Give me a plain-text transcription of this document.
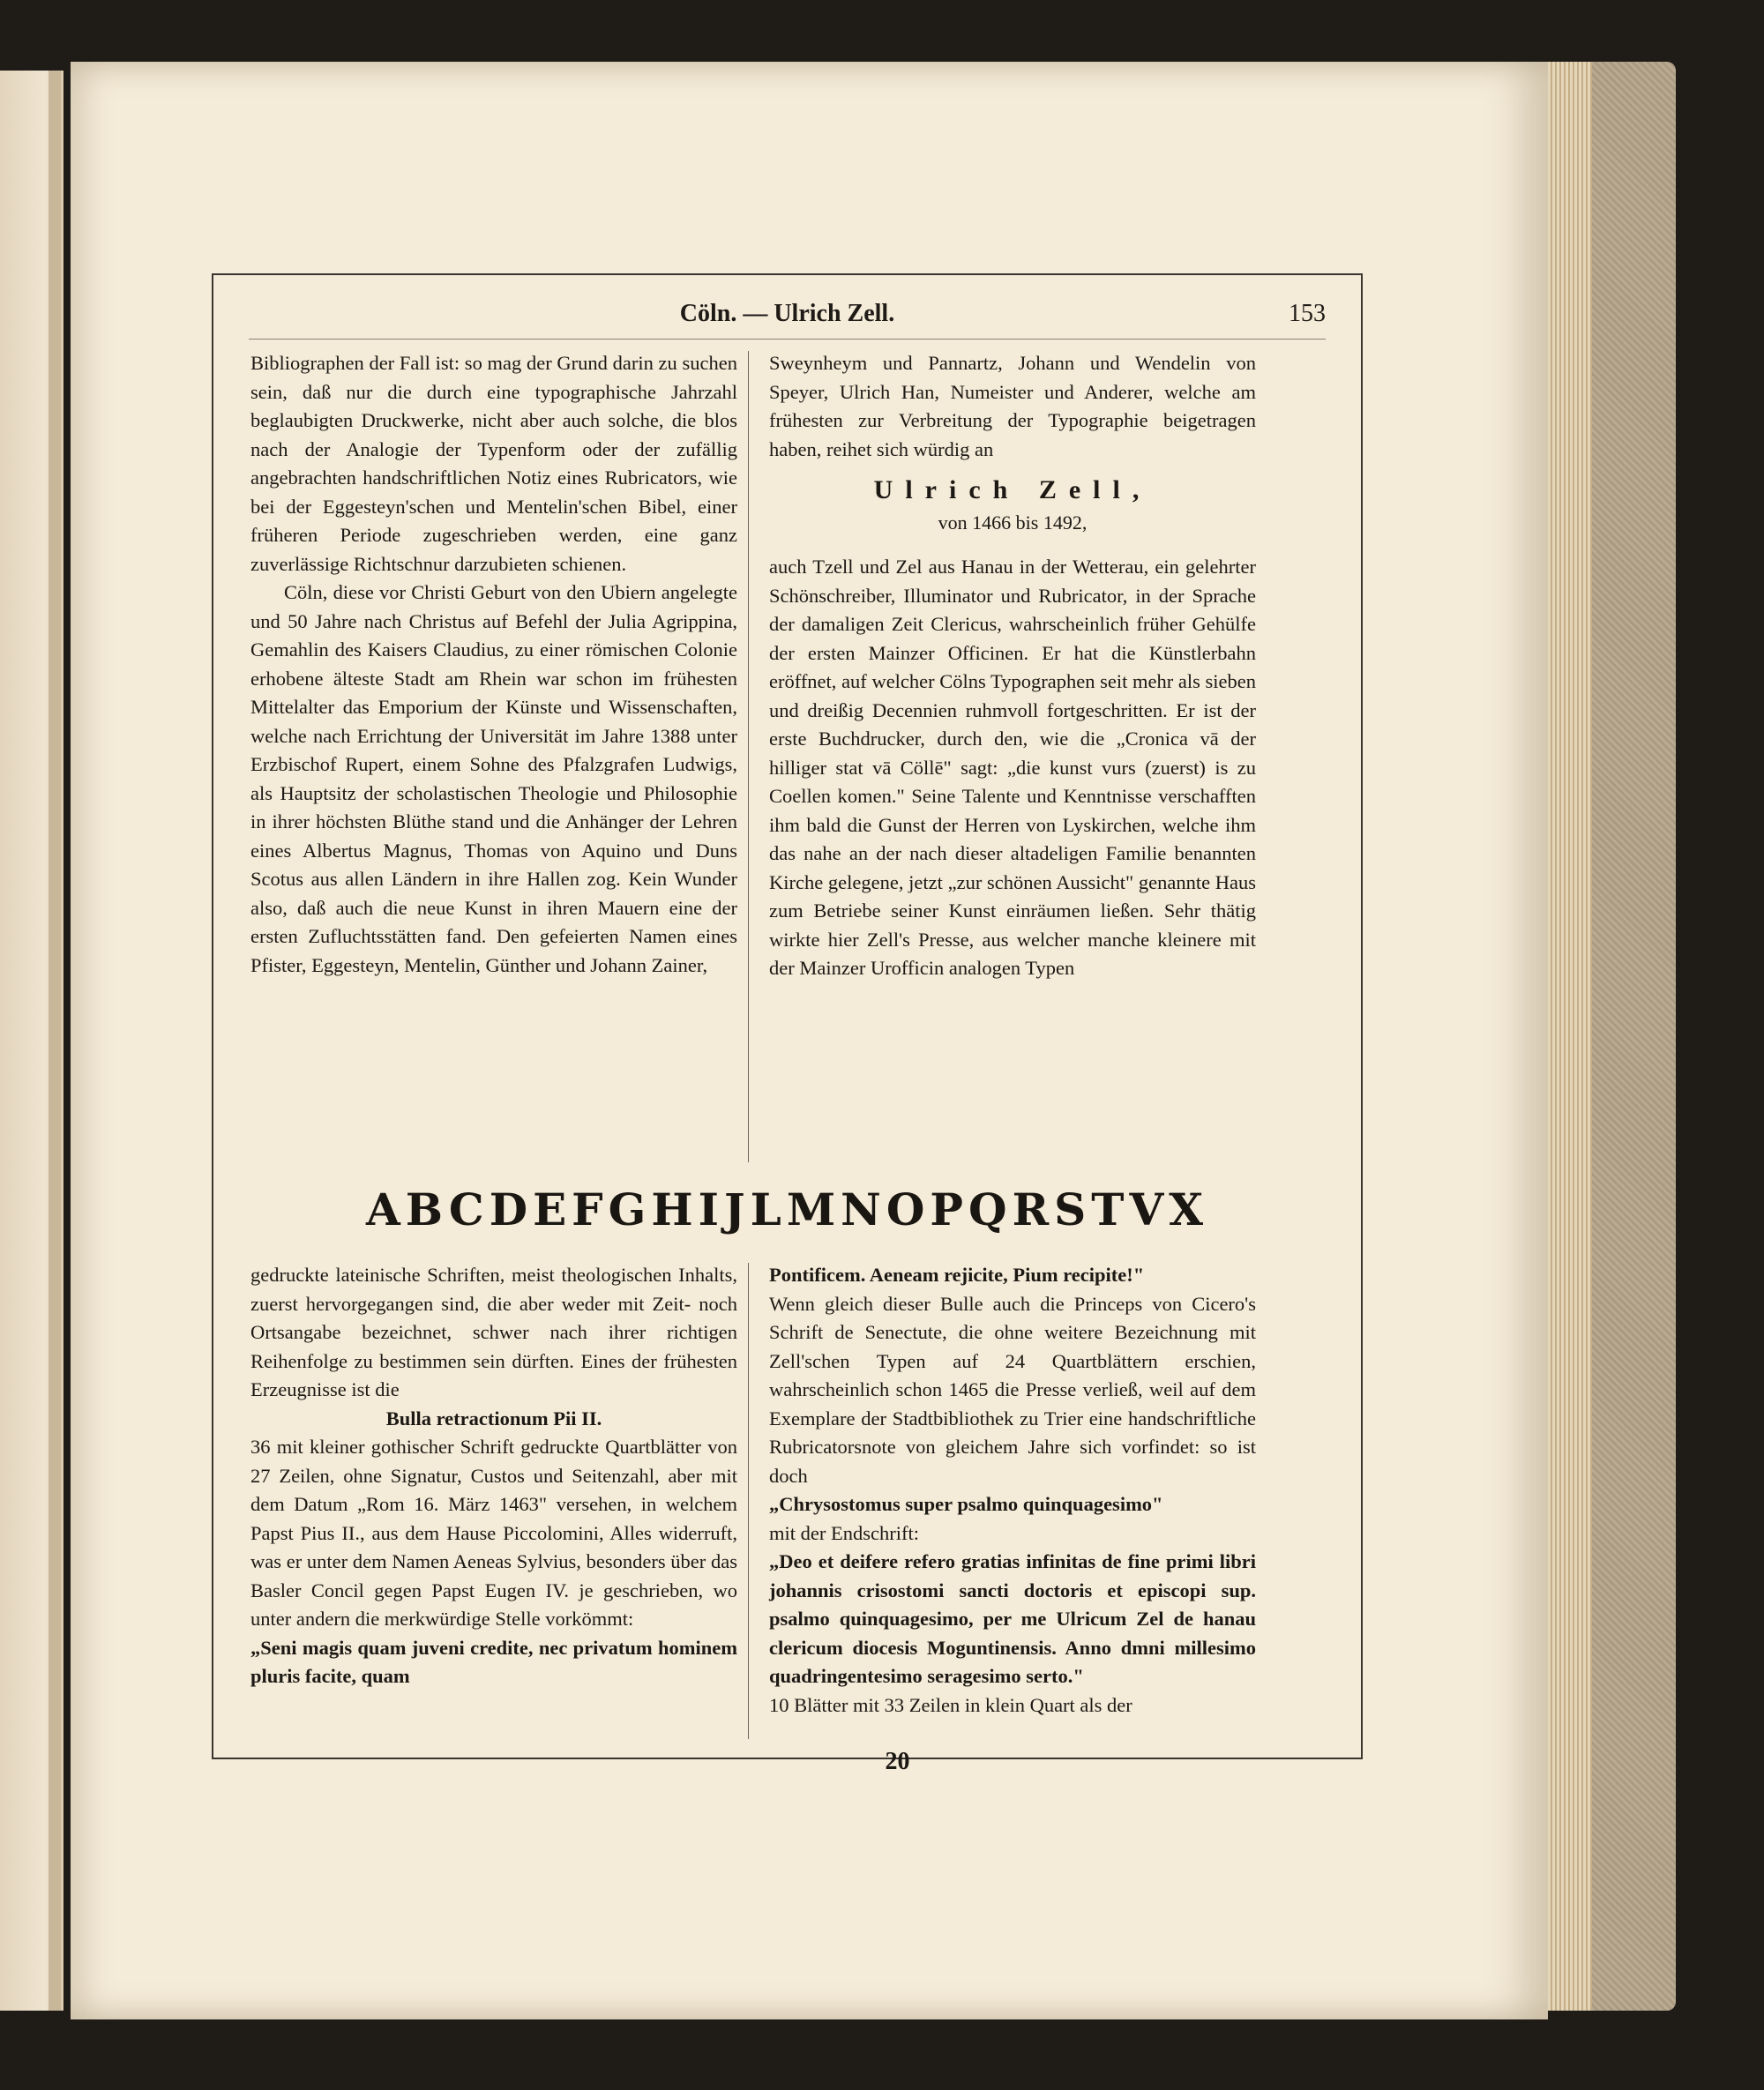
Cöln. — Ulrich Zell.	153

Bibliographen der Fall ist: so mag der Grund darin zu suchen sein, daß nur die durch eine typographische Jahrzahl beglaubigten Druckwerke, nicht aber auch solche, die blos nach der Analogie der Typenform oder der zufällig angebrachten handschriftlichen Notiz eines Rubricators, wie bei der Eggesteyn'schen und Mentelin'schen Bibel, einer früheren Periode zugeschrieben werden, eine ganz zuverlässige Richtschnur darzubieten schienen.

Cöln, diese vor Christi Geburt von den Ubiern angelegte und 50 Jahre nach Christus auf Befehl der Julia Agrippina, Gemahlin des Kaisers Claudius, zu einer römischen Colonie erhobene älteste Stadt am Rhein war schon im frühesten Mittelalter das Emporium der Künste und Wissenschaften, welche nach Errichtung der Universität im Jahre 1388 unter Erzbischof Rupert, einem Sohne des Pfalzgrafen Ludwigs, als Hauptsitz der scholastischen Theologie und Philosophie in ihrer höchsten Blüthe stand und die Anhänger der Lehren eines Albertus Magnus, Thomas von Aquino und Duns Scotus aus allen Ländern in ihre Hallen zog. Kein Wunder also, daß auch die neue Kunst in ihren Mauern eine der ersten Zufluchtsstätten fand. Den gefeierten Namen eines Pfister, Eggesteyn, Mentelin, Günther und Johann Zainer,

Sweynheym und Pannartz, Johann und Wendelin von Speyer, Ulrich Han, Numeister und Anderer, welche am frühesten zur Verbreitung der Typographie beigetragen haben, reihet sich würdig an

Ulrich Zell,

von 1466 bis 1492,

auch Tzell und Zel aus Hanau in der Wetterau, ein gelehrter Schönschreiber, Illuminator und Rubricator, in der Sprache der damaligen Zeit Clericus, wahrscheinlich früher Gehülfe der ersten Mainzer Officinen. Er hat die Künstlerbahn eröffnet, auf welcher Cölns Typographen seit mehr als sieben und dreißig Decennien ruhmvoll fortgeschritten. Er ist der erste Buchdrucker, durch den, wie die „Cronica vā der hilliger stat vā Cöllē" sagt: „die kunst vurs (zuerst) is zu Coellen komen." Seine Talente und Kenntnisse verschafften ihm bald die Gunst der Herren von Lyskirchen, welche ihm das nahe an der nach dieser altadeligen Familie benannten Kirche gelegene, jetzt „zur schönen Aussicht" genannte Haus zum Betriebe seiner Kunst einräumen ließen. Sehr thätig wirkte hier Zell's Presse, aus welcher manche kleinere mit der Mainzer Urofficin analogen Typen

ABCDEFGHIJLMNOPQRSTVX

gedruckte lateinische Schriften, meist theologischen Inhalts, zuerst hervorgegangen sind, die aber weder mit Zeit- noch Ortsangabe bezeichnet, schwer nach ihrer richtigen Reihenfolge zu bestimmen sein dürften. Eines der frühesten Erzeugnisse ist die

Bulla retractionum Pii II.

36 mit kleiner gothischer Schrift gedruckte Quartblätter von 27 Zeilen, ohne Signatur, Custos und Seitenzahl, aber mit dem Datum „Rom 16. März 1463" versehen, in welchem Papst Pius II., aus dem Hause Piccolomini, Alles widerruft, was er unter dem Namen Aeneas Sylvius, besonders über das Basler Concil gegen Papst Eugen IV. je geschrieben, wo unter andern die merkwürdige Stelle vorkömmt:

„Seni magis quam juveni credite, nec privatum hominem pluris facite, quam

Pontificem. Aeneam rejicite, Pium recipite!"

Wenn gleich dieser Bulle auch die Princeps von Cicero's Schrift de Senectute, die ohne weitere Bezeichnung mit Zell'schen Typen auf 24 Quartblättern erschien, wahrscheinlich schon 1465 die Presse verließ, weil auf dem Exemplare der Stadtbibliothek zu Trier eine handschriftliche Rubricatorsnote von gleichem Jahre sich vorfindet: so ist doch

„Chrysostomus super psalmo quinquagesimo"

mit der Endschrift:

„Deo et deifere refero gratias infinitas de fine primi libri johannis crisostomi sancti doctoris et episcopi sup. psalmo quinquagesimo, per me Ulricum Zel de hanau clericum diocesis Moguntinensis. Anno dmni millesimo quadringentesimo seragesimo serto."

10 Blätter mit 33 Zeilen in klein Quart als der

20
